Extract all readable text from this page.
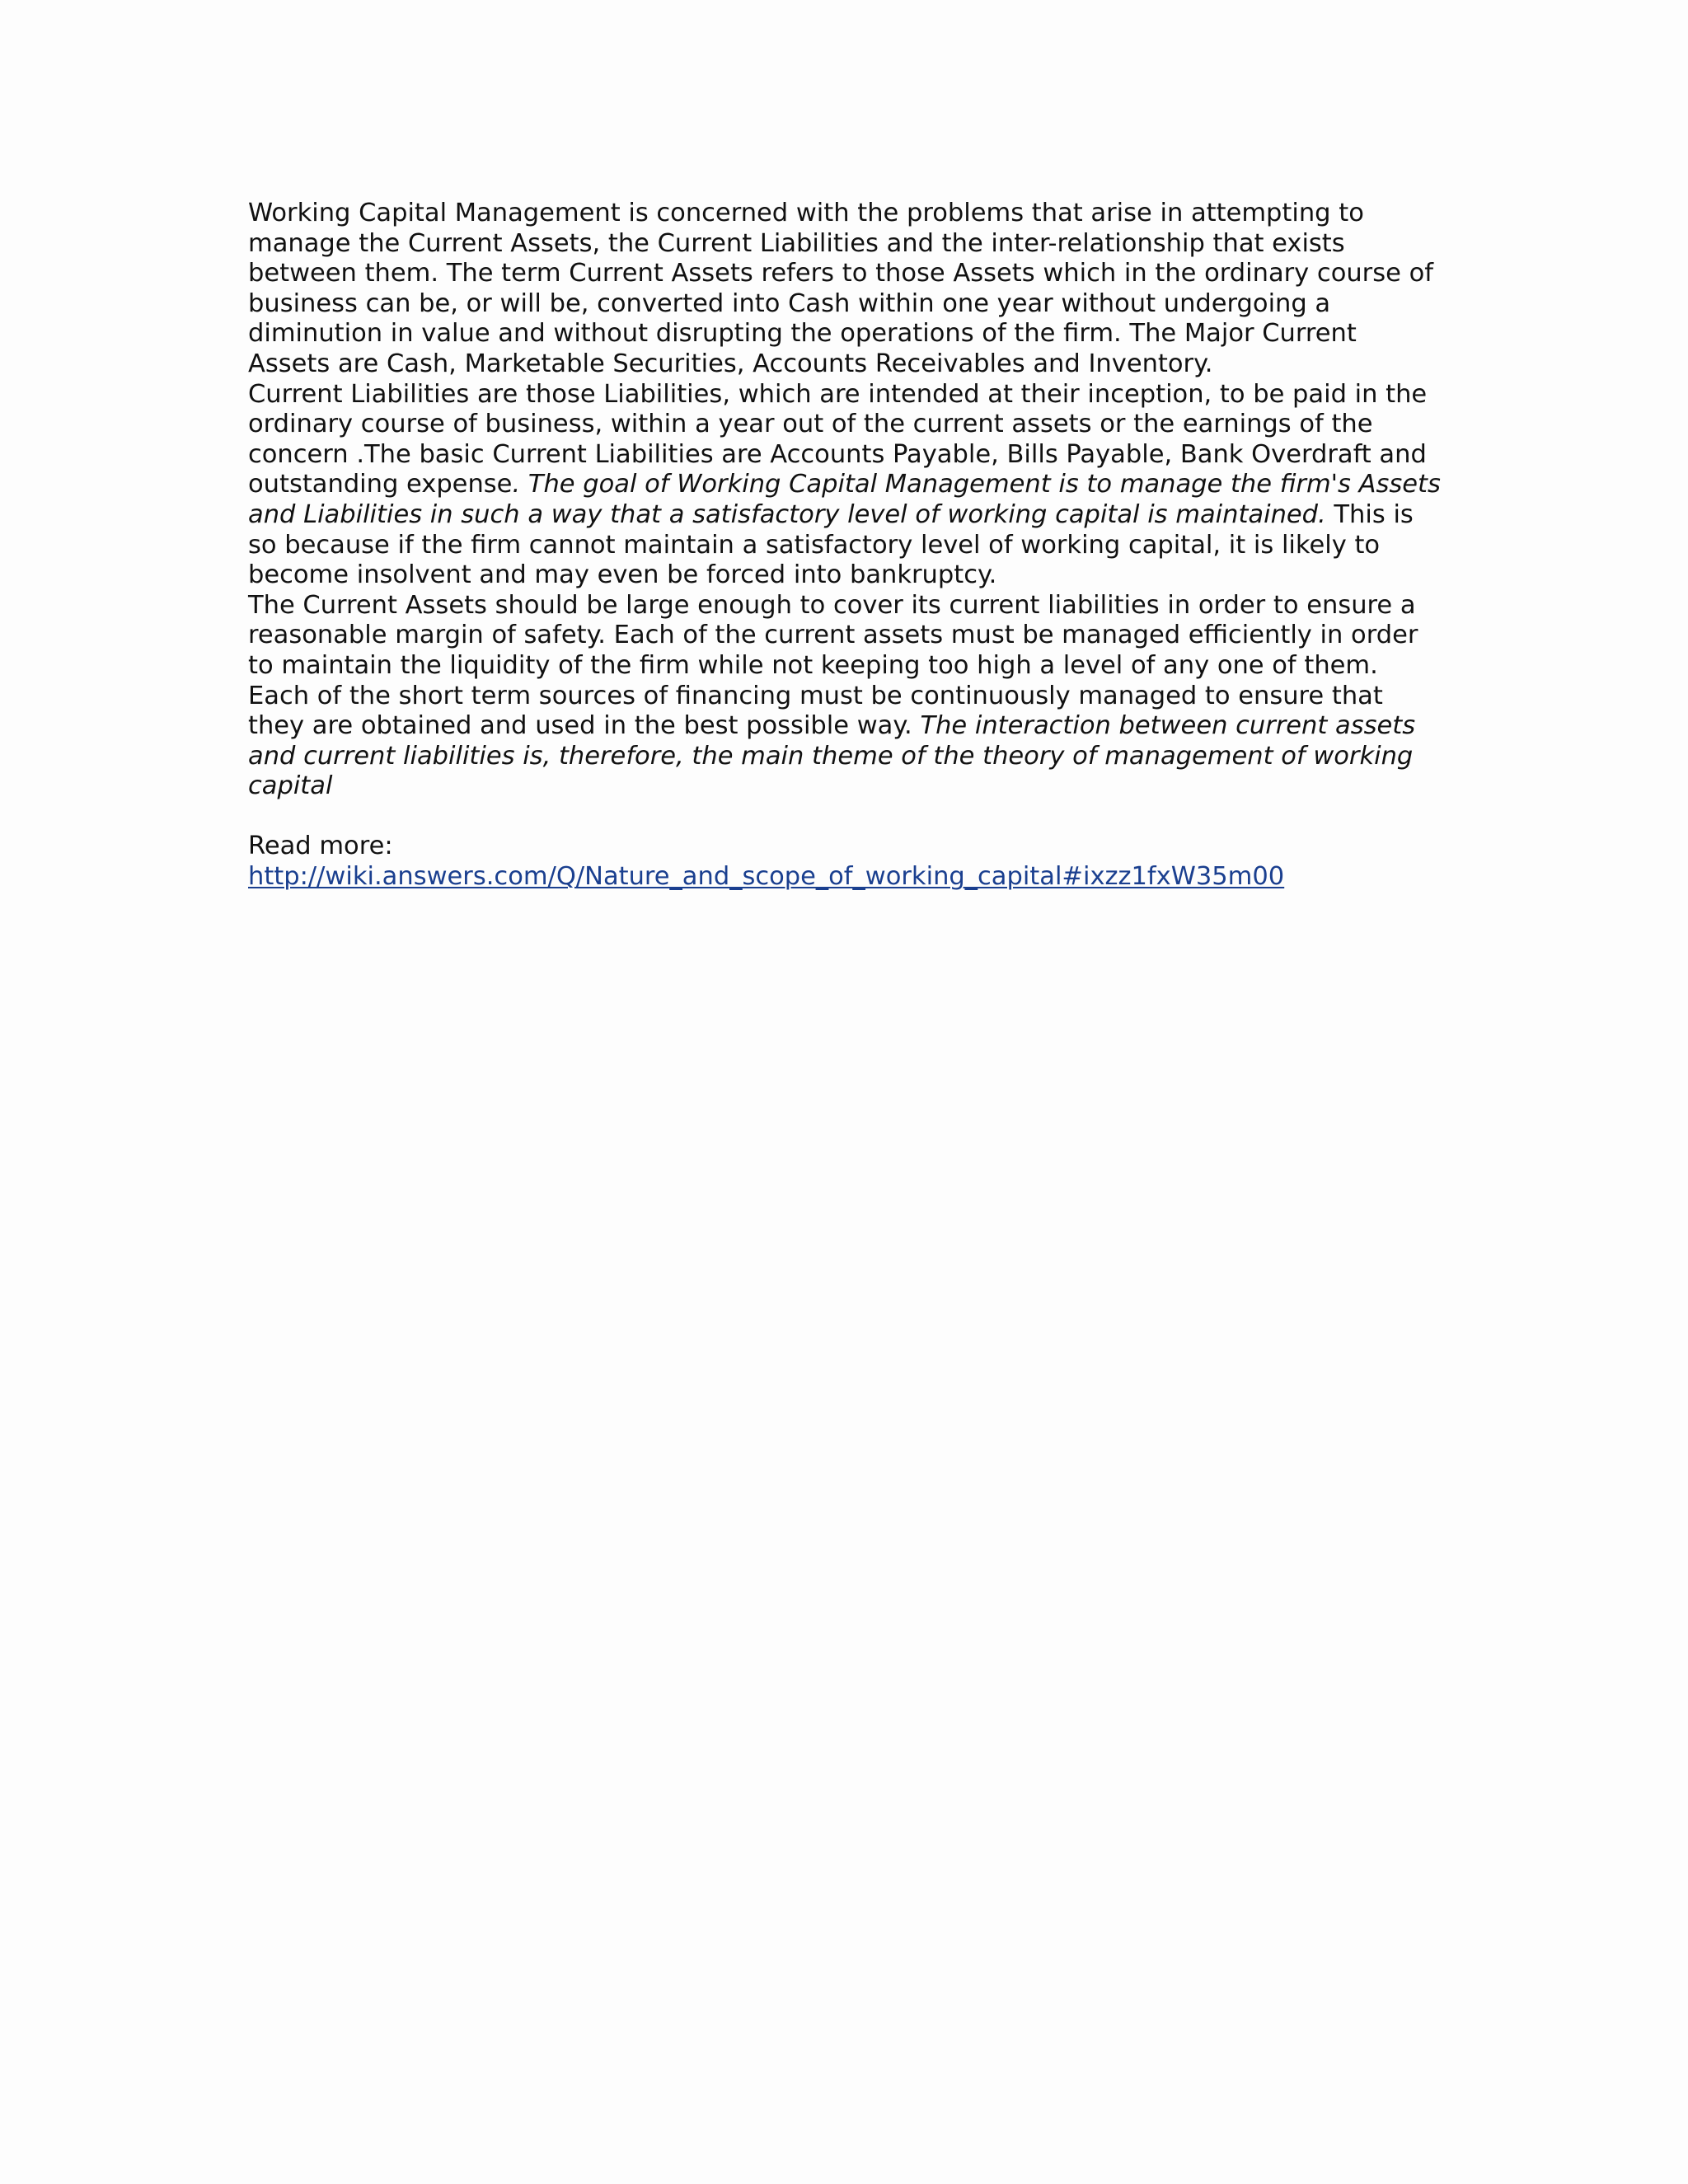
Working Capital Management is concerned with the problems that arise in attempting to manage the Current Assets, the Current Liabilities and the inter-relationship that exists between them. The term Current Assets refers to those Assets which in the ordinary course of business can be, or will be, converted into Cash within one year without undergoing a diminution in value and without disrupting the operations of the firm. The Major Current Assets are Cash, Marketable Securities, Accounts Receivables and Inventory.

Current Liabilities are those Liabilities, which are intended at their inception, to be paid in the ordinary course of business, within a year out of the current assets or the earnings of the concern .The basic Current Liabilities are Accounts Payable, Bills Payable, Bank Overdraft and outstanding expense. The goal of Working Capital Management is to manage the firm's Assets and Liabilities in such a way that a satisfactory level of working capital is maintained. This is so because if the firm cannot maintain a satisfactory level of working capital, it is likely to become insolvent and may even be forced into bankruptcy.

The Current Assets should be large enough to cover its current liabilities in order to ensure a reasonable margin of safety. Each of the current assets must be managed efficiently in order to maintain the liquidity of the firm while not keeping too high a level of any one of them. Each of the short term sources of financing must be continuously managed to ensure that they are obtained and used in the best possible way. The interaction between current assets and current liabilities is, therefore, the main theme of the theory of management of working capital

Read more:

http://wiki.answers.com/Q/Nature_and_scope_of_working_capital#ixzz1fxW35m00
